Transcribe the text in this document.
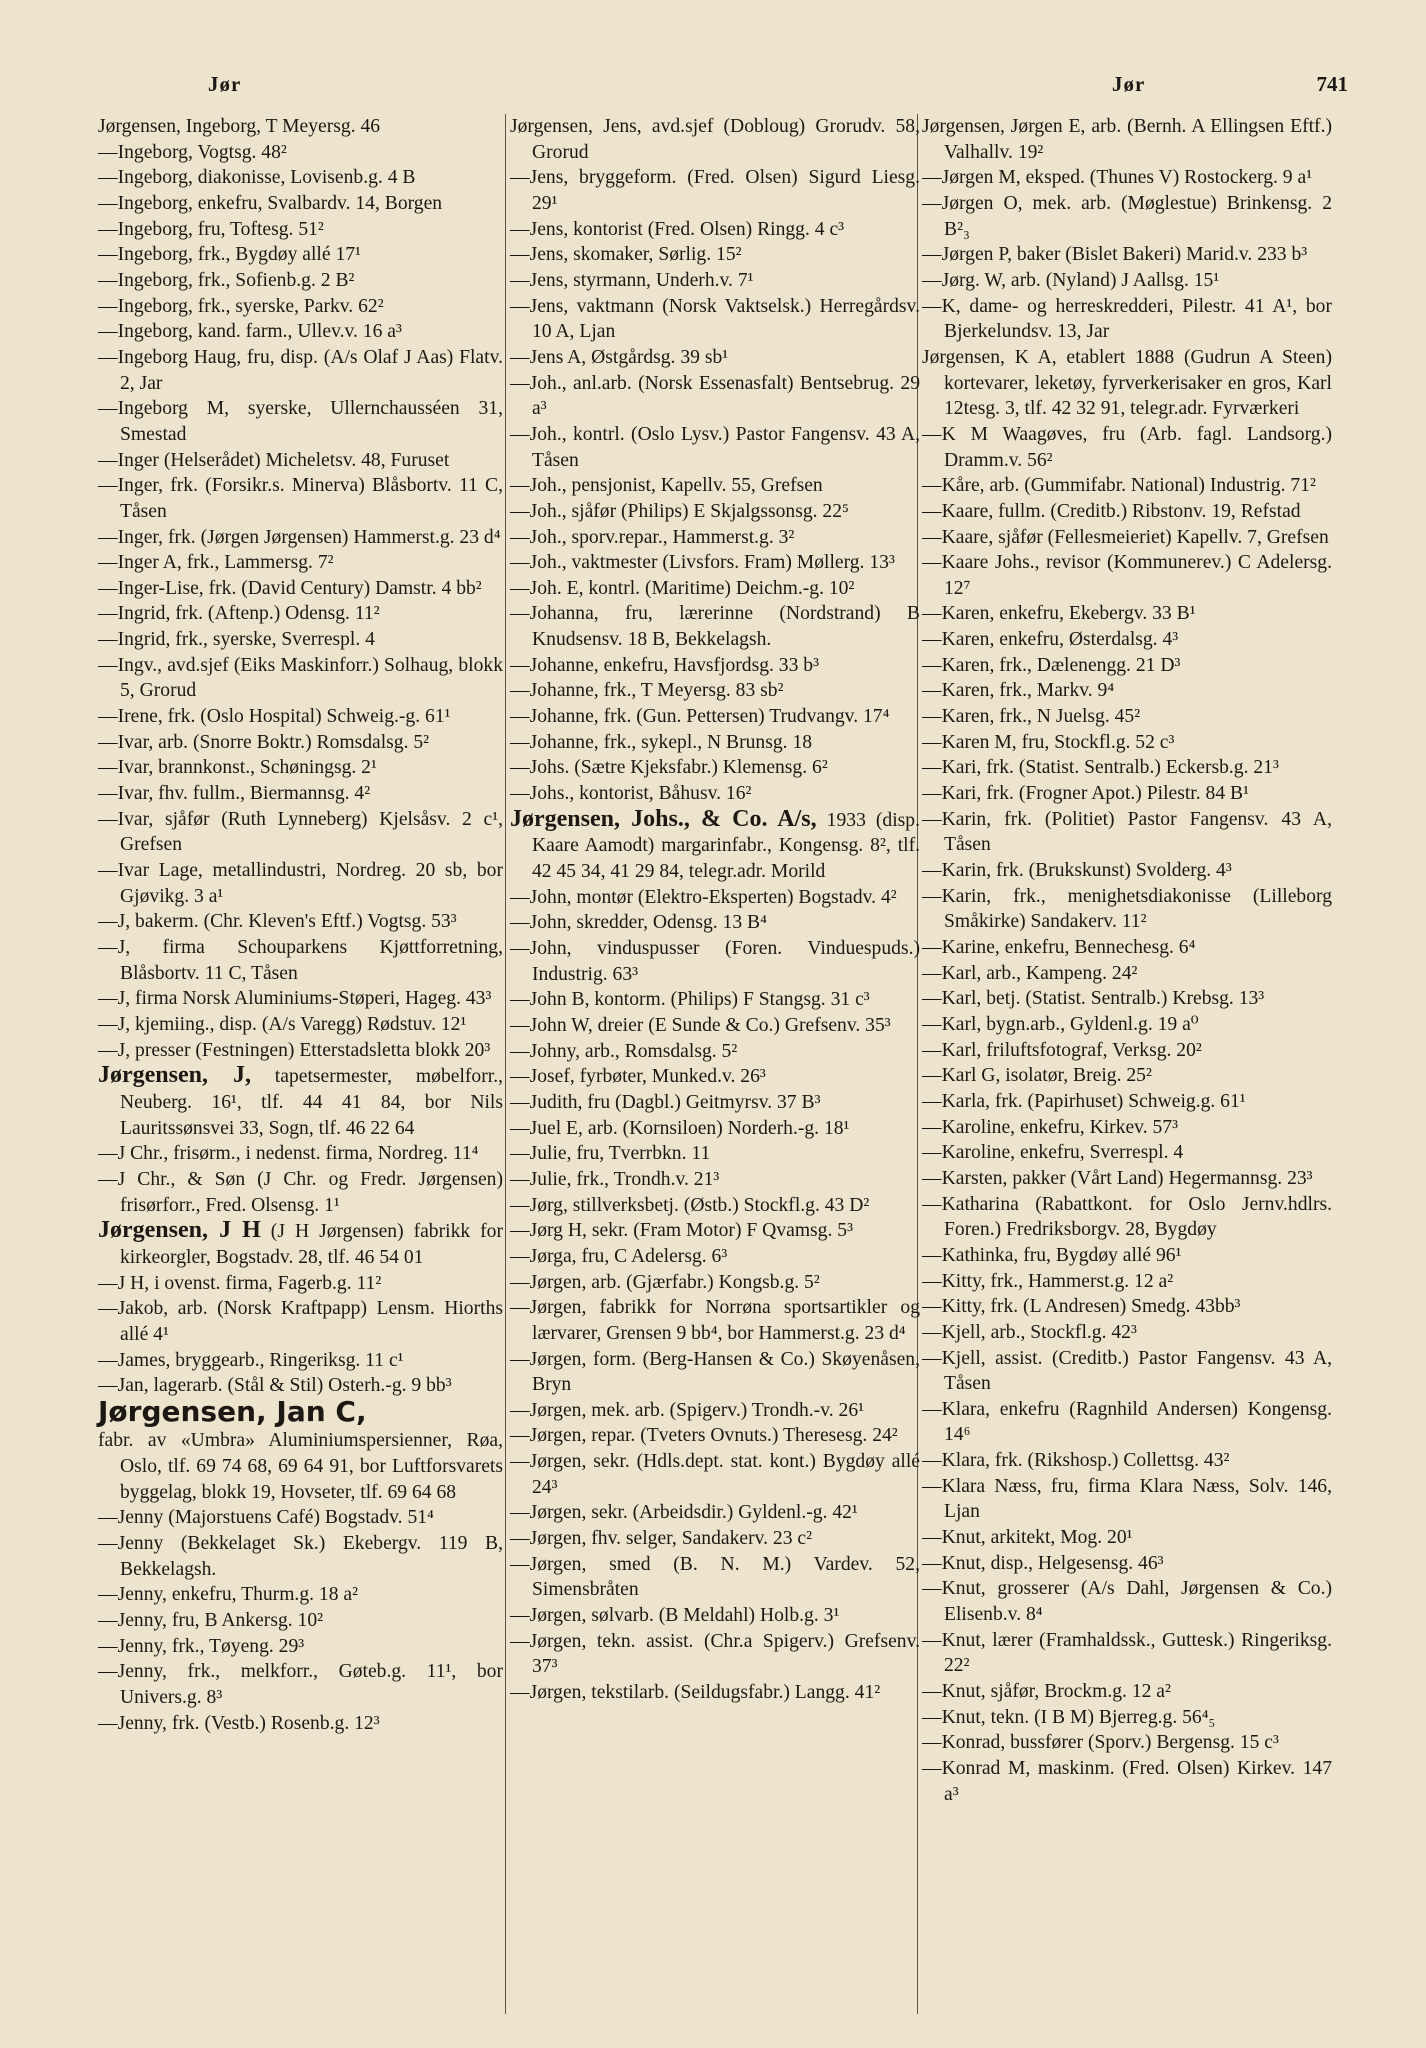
Jør	Jør	741

Jørgensen, Ingeborg, T Meyersg. 46

—Ingeborg, Vogtsg. 48²

—Ingeborg, diakonisse, Lovisenb.g. 4 B

—Ingeborg, enkefru, Svalbardv. 14, Borgen

—Ingeborg, fru, Toftesg. 51²

—Ingeborg, frk., Bygdøy allé 17¹

—Ingeborg, frk., Sofienb.g. 2 B²

—Ingeborg, frk., syerske, Parkv. 62²

—Ingeborg, kand. farm., Ullev.v. 16 a³

—Ingeborg Haug, fru, disp. (A/s Olaf J Aas) Flatv. 2, Jar

—Ingeborg M, syerske, Ullernchausséen 31, Smestad

—Inger (Helserådet) Micheletsv. 48, Furuset

—Inger, frk. (Forsikr.s. Minerva) Blåsbortv. 11 C, Tåsen

—Inger, frk. (Jørgen Jørgensen) Hammerst.g. 23 d⁴

—Inger A, frk., Lammersg. 7²

—Inger-Lise, frk. (David Century) Damstr. 4 bb²

—Ingrid, frk. (Aftenp.) Odensg. 11²

—Ingrid, frk., syerske, Sverrespl. 4

—Ingv., avd.sjef (Eiks Maskinforr.) Solhaug, blokk 5, Grorud

—Irene, frk. (Oslo Hospital) Schweig.-g. 61¹

—Ivar, arb. (Snorre Boktr.) Romsdalsg. 5²

—Ivar, brannkonst., Schøningsg. 2¹

—Ivar, fhv. fullm., Biermannsg. 4²

—Ivar, sjåfør (Ruth Lynneberg) Kjelsåsv. 2 c¹, Grefsen

—Ivar Lage, metallindustri, Nordreg. 20 sb, bor Gjøvikg. 3 a¹

—J, bakerm. (Chr. Kleven's Eftf.) Vogtsg. 53³

—J, firma Schouparkens Kjøttforretning, Blåsbortv. 11 C, Tåsen

—J, firma Norsk Aluminiums-Støperi, Hageg. 43³

—J, kjemiing., disp. (A/s Varegg) Rødstuv. 12¹

—J, presser (Festningen) Etterstadsletta blokk 20³

Jørgensen, J, tapetsermester, møbelforr., Neuberg. 16¹, tlf. 44 41 84, bor Nils Lauritssønsvei 33, Sogn, tlf. 46 22 64

—J Chr., frisørm., i nedenst. firma, Nordreg. 11⁴

—J Chr., & Søn (J Chr. og Fredr. Jørgensen) frisørforr., Fred. Olsensg. 1¹

Jørgensen, J H (J H Jørgensen) fabrikk for kirkeorgler, Bogstadv. 28, tlf. 46 54 01

—J H, i ovenst. firma, Fagerb.g. 11²

—Jakob, arb. (Norsk Kraftpapp) Lensm. Hiorths allé 4¹

—James, bryggearb., Ringeriksg. 11 c¹

—Jan, lagerarb. (Stål & Stil) Osterh.-g. 9 bb³

Jørgensen, Jan C,

fabr. av «Umbra» Aluminiumspersienner, Røa, Oslo, tlf. 69 74 68, 69 64 91, bor Luftforsvarets byggelag, blokk 19, Hovseter, tlf. 69 64 68

—Jenny (Majorstuens Café) Bogstadv. 51⁴

—Jenny (Bekkelaget Sk.) Ekebergv. 119 B, Bekkelagsh.

—Jenny, enkefru, Thurm.g. 18 a²

—Jenny, fru, B Ankersg. 10²

—Jenny, frk., Tøyeng. 29³

—Jenny, frk., melkforr., Gøteb.g. 11¹, bor Univers.g. 8³

—Jenny, frk. (Vestb.) Rosenb.g. 12³

Jørgensen, Jens, avd.sjef (Dobloug) Grorudv. 58, Grorud

—Jens, bryggeform. (Fred. Olsen) Sigurd Liesg. 29¹

—Jens, kontorist (Fred. Olsen) Ringg. 4 c³

—Jens, skomaker, Sørlig. 15²

—Jens, styrmann, Underh.v. 7¹

—Jens, vaktmann (Norsk Vaktselsk.) Herregårdsv. 10 A, Ljan

—Jens A, Østgårdsg. 39 sb¹

—Joh., anl.arb. (Norsk Essenasfalt) Bentsebrug. 29 a³

—Joh., kontrl. (Oslo Lysv.) Pastor Fangensv. 43 A, Tåsen

—Joh., pensjonist, Kapellv. 55, Grefsen

—Joh., sjåfør (Philips) E Skjalgssonsg. 22⁵

—Joh., sporv.repar., Hammerst.g. 3²

—Joh., vaktmester (Livsfors. Fram) Møllerg. 13³

—Joh. E, kontrl. (Maritime) Deichm.-g. 10²

—Johanna, fru, lærerinne (Nordstrand) B Knudsensv. 18 B, Bekkelagsh.

—Johanne, enkefru, Havsfjordsg. 33 b³

—Johanne, frk., T Meyersg. 83 sb²

—Johanne, frk. (Gun. Pettersen) Trudvangv. 17⁴

—Johanne, frk., sykepl., N Brunsg. 18

—Johs. (Sætre Kjeksfabr.) Klemensg. 6²

—Johs., kontorist, Båhusv. 16²

Jørgensen, Johs., & Co. A/s, 1933 (disp. Kaare Aamodt) margarinfabr., Kongensg. 8², tlf. 42 45 34, 41 29 84, telegr.adr. Morild

—John, montør (Elektro-Eksperten) Bogstadv. 4²

—John, skredder, Odensg. 13 B⁴

—John, vinduspusser (Foren. Vinduespuds.) Industrig. 63³

—John B, kontorm. (Philips) F Stangsg. 31 c³

—John W, dreier (E Sunde & Co.) Grefsenv. 35³

—Johny, arb., Romsdalsg. 5²

—Josef, fyrbøter, Munked.v. 26³

—Judith, fru (Dagbl.) Geitmyrsv. 37 B³

—Juel E, arb. (Kornsiloen) Norderh.-g. 18¹

—Julie, fru, Tverrbkn. 11

—Julie, frk., Trondh.v. 21³

—Jørg, stillverksbetj. (Østb.) Stockfl.g. 43 D²

—Jørg H, sekr. (Fram Motor) F Qvamsg. 5³

—Jørga, fru, C Adelersg. 6³

—Jørgen, arb. (Gjærfabr.) Kongsb.g. 5²

—Jørgen, fabrikk for Norrøna sportsartikler og lærvarer, Grensen 9 bb⁴, bor Hammerst.g. 23 d⁴

—Jørgen, form. (Berg-Hansen & Co.) Skøyenåsen, Bryn

—Jørgen, mek. arb. (Spigerv.) Trondh.-v. 26¹

—Jørgen, repar. (Tveters Ovnuts.) Theresesg. 24²

—Jørgen, sekr. (Hdls.dept. stat. kont.) Bygdøy allé 24³

—Jørgen, sekr. (Arbeidsdir.) Gyldenl.-g. 42¹

—Jørgen, fhv. selger, Sandakerv. 23 c²

—Jørgen, smed (B. N. M.) Vardev. 52, Simensbråten

—Jørgen, sølvarb. (B Meldahl) Holb.g. 3¹

—Jørgen, tekn. assist. (Chr.a Spigerv.) Grefsenv. 37³

—Jørgen, tekstilarb. (Seildugsfabr.) Langg. 41²

Jørgensen, Jørgen E, arb. (Bernh. A Ellingsen Eftf.) Valhallv. 19²

—Jørgen M, eksped. (Thunes V) Rostockerg. 9 a¹

—Jørgen O, mek. arb. (Møglestue) Brinkensg. 2 B²₃

—Jørgen P, baker (Bislet Bakeri) Marid.v. 233 b³

—Jørg. W, arb. (Nyland) J Aallsg. 15¹

—K, dame- og herreskredderi, Pilestr. 41 A¹, bor Bjerkelundsv. 13, Jar

Jørgensen, K A, etablert 1888 (Gudrun A Steen) kortevarer, leketøy, fyrverkerisaker en gros, Karl 12tesg. 3, tlf. 42 32 91, telegr.adr. Fyrværkeri

—K M Waagøves, fru (Arb. fagl. Landsorg.) Dramm.v. 56²

—Kåre, arb. (Gummifabr. National) Industrig. 71²

—Kaare, fullm. (Creditb.) Ribstonv. 19, Refstad

—Kaare, sjåfør (Fellesmeieriet) Kapellv. 7, Grefsen

—Kaare Johs., revisor (Kommunerev.) C Adelersg. 12⁷

—Karen, enkefru, Ekebergv. 33 B¹

—Karen, enkefru, Østerdalsg. 4³

—Karen, frk., Dælenengg. 21 D³

—Karen, frk., Markv. 9⁴

—Karen, frk., N Juelsg. 45²

—Karen M, fru, Stockfl.g. 52 c³

—Kari, frk. (Statist. Sentralb.) Eckersb.g. 21³

—Kari, frk. (Frogner Apot.) Pilestr. 84 B¹

—Karin, frk. (Politiet) Pastor Fangensv. 43 A, Tåsen

—Karin, frk. (Brukskunst) Svolderg. 4³

—Karin, frk., menighetsdiakonisse (Lilleborg Småkirke) Sandakerv. 11²

—Karine, enkefru, Bennechesg. 6⁴

—Karl, arb., Kampeng. 24²

—Karl, betj. (Statist. Sentralb.) Krebsg. 13³

—Karl, bygn.arb., Gyldenl.g. 19 a⁰

—Karl, friluftsfotograf, Verksg. 20²

—Karl G, isolatør, Breig. 25²

—Karla, frk. (Papirhuset) Schweig.g. 61¹

—Karoline, enkefru, Kirkev. 57³

—Karoline, enkefru, Sverrespl. 4

—Karsten, pakker (Vårt Land) Hegermannsg. 23³

—Katharina (Rabattkont. for Oslo Jernv.hdlrs. Foren.) Fredriksborgv. 28, Bygdøy

—Kathinka, fru, Bygdøy allé 96¹

—Kitty, frk., Hammerst.g. 12 a²

—Kitty, frk. (L Andresen) Smedg. 43bb³

—Kjell, arb., Stockfl.g. 42³

—Kjell, assist. (Creditb.) Pastor Fangensv. 43 A, Tåsen

—Klara, enkefru (Ragnhild Andersen) Kongensg. 14⁶

—Klara, frk. (Rikshosp.) Collettsg. 43²

—Klara Næss, fru, firma Klara Næss, Solv. 146, Ljan

—Knut, arkitekt, Mog. 20¹

—Knut, disp., Helgesensg. 46³

—Knut, grosserer (A/s Dahl, Jørgensen & Co.) Elisenb.v. 8⁴

—Knut, lærer (Framhaldssk., Guttesk.) Ringeriksg. 22²

—Knut, sjåfør, Brockm.g. 12 a²

—Knut, tekn. (I B M) Bjerreg.g. 56⁴₅

—Konrad, bussfører (Sporv.) Bergensg. 15 c³

—Konrad M, maskinm. (Fred. Olsen) Kirkev. 147 a³
